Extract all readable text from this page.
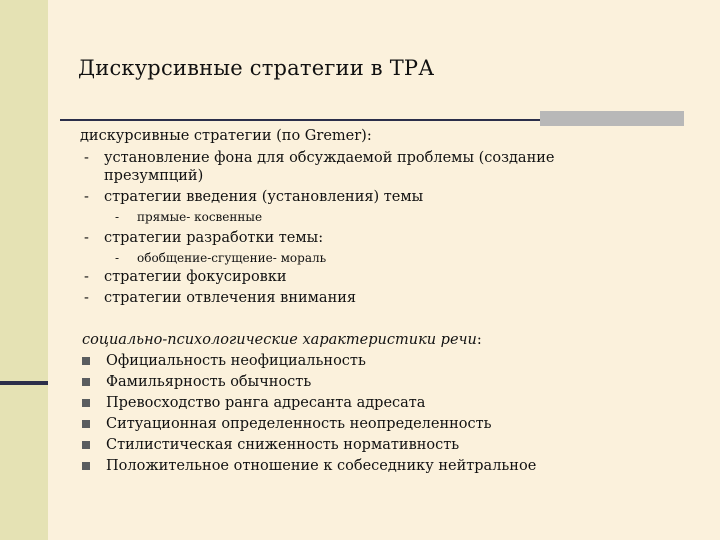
Дискурсивные стратегии в ТРА
дискурсивные стратегии (по Gremer):
- установление фона для обсуждаемой проблемы (создание
презумпций)
- стратегии введения (установления) темы
- прямые- косвенные
- стратегии разработки темы:
- обобщение-сгущение- мораль
- стратегии фокусировки
- стратегии отвлечения внимания
социально-психологические характеристики речи:
Официальность неофициальность
Фамильярность обычность
Превосходство ранга адресанта адресата
Ситуационная определенность неопределенность
Стилистическая сниженность нормативность
Положительное отношение к собеседнику нейтральное
